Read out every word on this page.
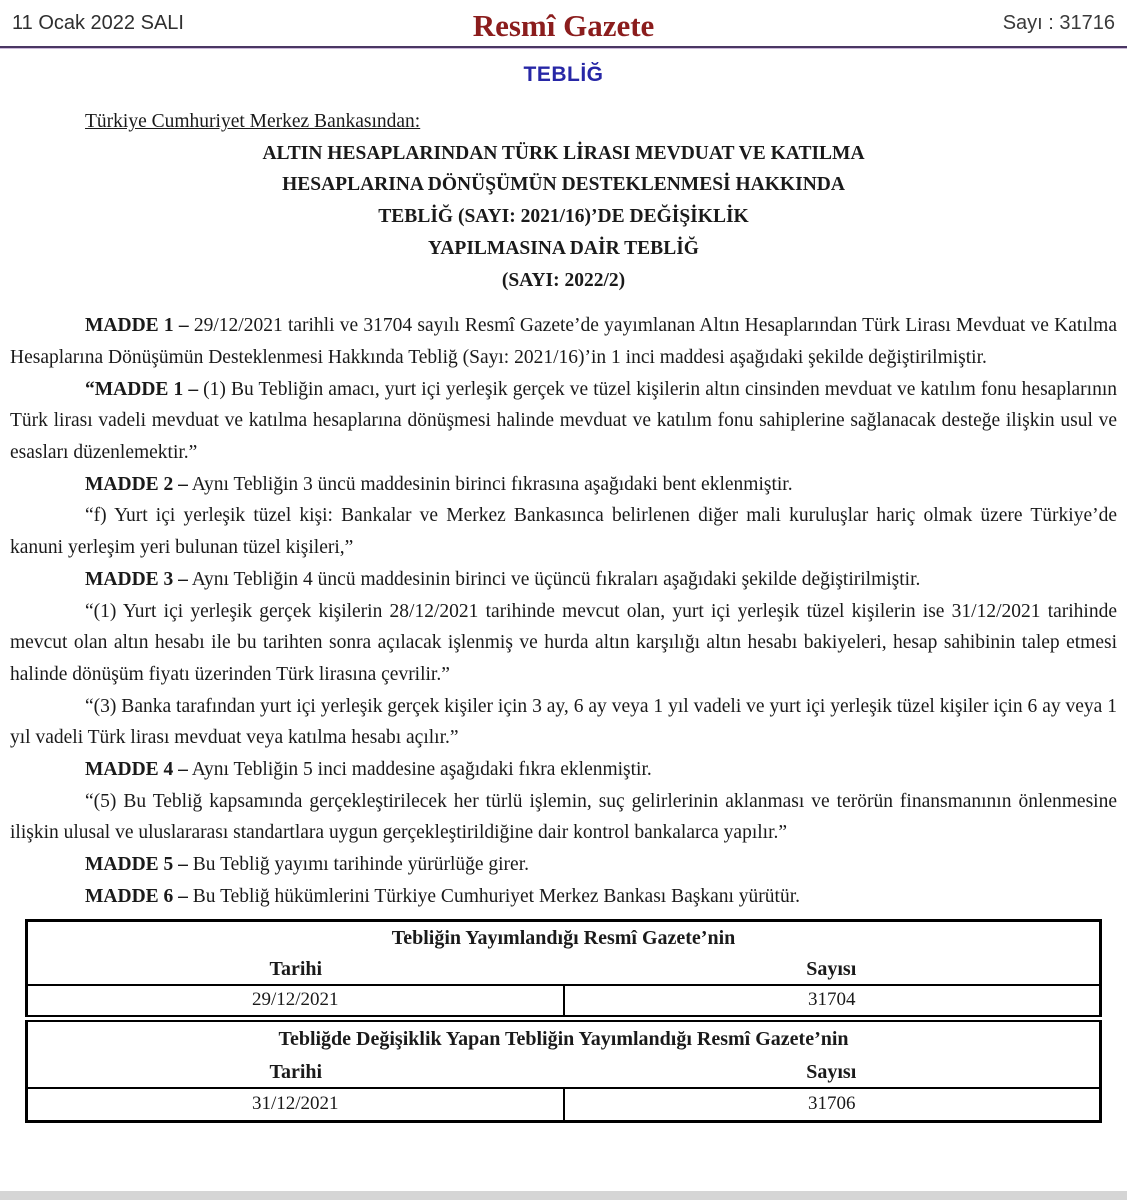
11 Ocak 2022 SALI	Resmî Gazete	Sayı : 31716
TEBLİĞ

Türkiye Cumhuriyet Merkez Bankasından:

ALTIN HESAPLARINDAN TÜRK LİRASI MEVDUAT VE KATILMA
HESAPLARINA DÖNÜŞÜMÜN DESTEKLENMESİ HAKKINDA
TEBLİĞ (SAYI: 2021/16)’DE DEĞİŞİKLİK
YAPILMASINA DAİR TEBLİĞ
(SAYI: 2022/2)

MADDE 1 – 29/12/2021 tarihli ve 31704 sayılı Resmî Gazete’de yayımlanan Altın Hesaplarından Türk Lirası Mevduat ve Katılma Hesaplarına Dönüşümün Desteklenmesi Hakkında Tebliğ (Sayı: 2021/16)’in 1 inci maddesi aşağıdaki şekilde değiştirilmiştir.

“MADDE 1 – (1) Bu Tebliğin amacı, yurt içi yerleşik gerçek ve tüzel kişilerin altın cinsinden mevduat ve katılım fonu hesaplarının Türk lirası vadeli mevduat ve katılma hesaplarına dönüşmesi halinde mevduat ve katılım fonu sahiplerine sağlanacak desteğe ilişkin usul ve esasları düzenlemektir.”

MADDE 2 – Aynı Tebliğin 3 üncü maddesinin birinci fıkrasına aşağıdaki bent eklenmiştir.

“f) Yurt içi yerleşik tüzel kişi: Bankalar ve Merkez Bankasınca belirlenen diğer mali kuruluşlar hariç olmak üzere Türkiye’de kanuni yerleşim yeri bulunan tüzel kişileri,”

MADDE 3 – Aynı Tebliğin 4 üncü maddesinin birinci ve üçüncü fıkraları aşağıdaki şekilde değiştirilmiştir.

“(1) Yurt içi yerleşik gerçek kişilerin 28/12/2021 tarihinde mevcut olan, yurt içi yerleşik tüzel kişilerin ise 31/12/2021 tarihinde mevcut olan altın hesabı ile bu tarihten sonra açılacak işlenmiş ve hurda altın karşılığı altın hesabı bakiyeleri, hesap sahibinin talep etmesi halinde dönüşüm fiyatı üzerinden Türk lirasına çevrilir.”

“(3) Banka tarafından yurt içi yerleşik gerçek kişiler için 3 ay, 6 ay veya 1 yıl vadeli ve yurt içi yerleşik tüzel kişiler için 6 ay veya 1 yıl vadeli Türk lirası mevduat veya katılma hesabı açılır.”

MADDE 4 – Aynı Tebliğin 5 inci maddesine aşağıdaki fıkra eklenmiştir.

“(5) Bu Tebliğ kapsamında gerçekleştirilecek her türlü işlemin, suç gelirlerinin aklanması ve terörün finansmanının önlenmesine ilişkin ulusal ve uluslararası standartlara uygun gerçekleştirildiğine dair kontrol bankalarca yapılır.”

MADDE 5 – Bu Tebliğ yayımı tarihinde yürürlüğe girer.

MADDE 6 – Bu Tebliğ hükümlerini Türkiye Cumhuriyet Merkez Bankası Başkanı yürütür.

Tebliğin Yayımlandığı Resmî Gazete’nin	
Tarihi	Sayısı
29/12/2021	31704
Tebliğde Değişiklik Yapan Tebliğin Yayımlandığı Resmî Gazete’nin	
Tarihi	Sayısı
31/12/2021	31706
